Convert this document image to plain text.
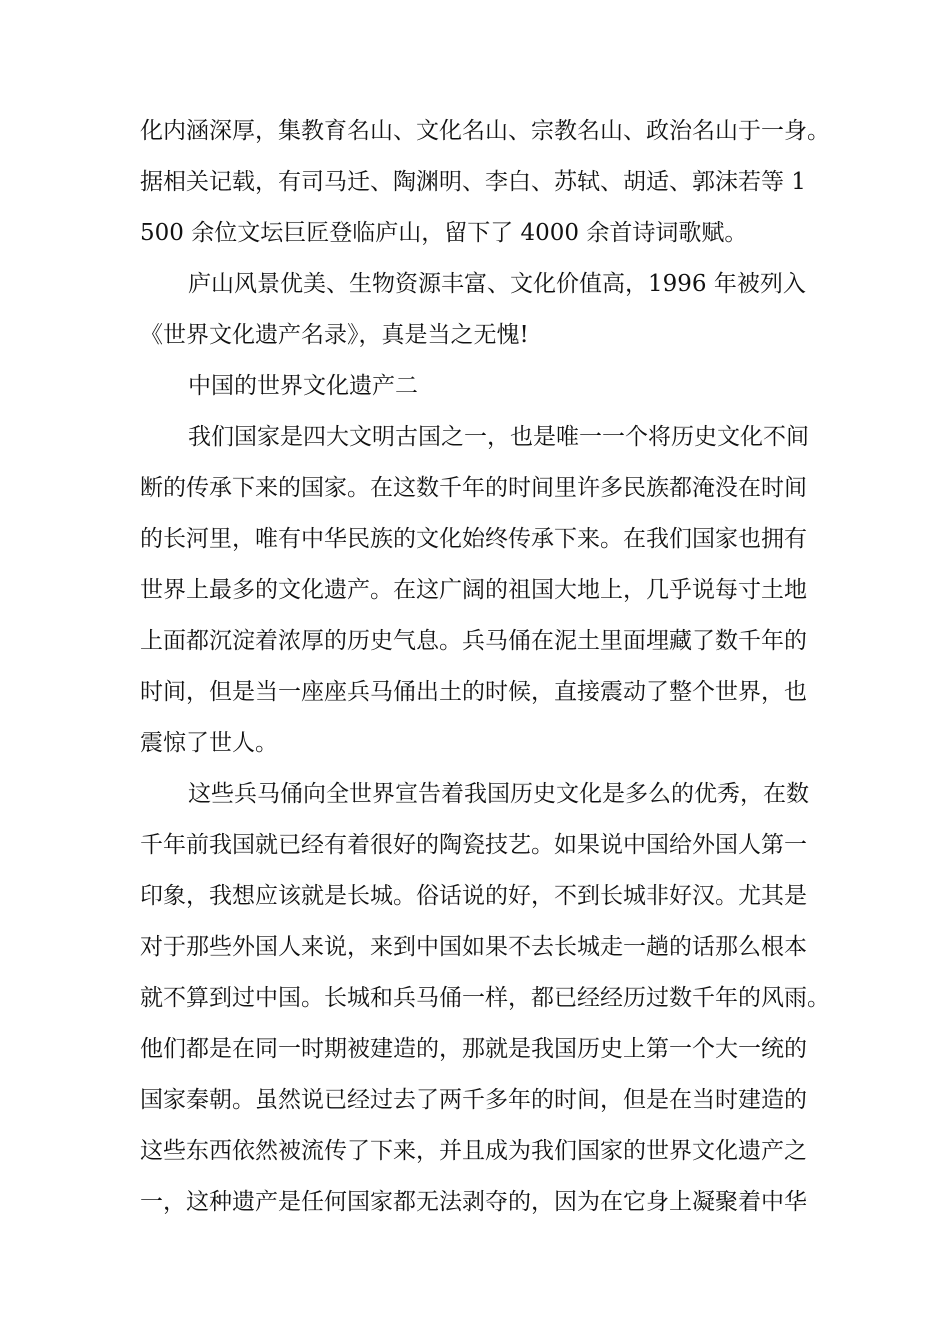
化内涵深厚，集教育名山、文化名山、宗教名山、政治名山于一身。
据相关记载，有司马迁、陶渊明、李白、苏轼、胡适、郭沫若等 1
500 余位文坛巨匠登临庐山，留下了 4000 余首诗词歌赋。
庐山风景优美、生物资源丰富、文化价值高，1996 年被列入
《世界文化遗产名录》，真是当之无愧!
中国的世界文化遗产二
我们国家是四大文明古国之一，也是唯一一个将历史文化不间
断的传承下来的国家。在这数千年的时间里许多民族都淹没在时间
的长河里，唯有中华民族的文化始终传承下来。在我们国家也拥有
世界上最多的文化遗产。在这广阔的祖国大地上，几乎说每寸土地
上面都沉淀着浓厚的历史气息。兵马俑在泥土里面埋藏了数千年的
时间，但是当一座座兵马俑出土的时候，直接震动了整个世界，也
震惊了世人。
这些兵马俑向全世界宣告着我国历史文化是多么的优秀，在数
千年前我国就已经有着很好的陶瓷技艺。如果说中国给外国人第一
印象，我想应该就是长城。俗话说的好，不到长城非好汉。尤其是
对于那些外国人来说，来到中国如果不去长城走一趟的话那么根本
就不算到过中国。长城和兵马俑一样，都已经经历过数千年的风雨。
他们都是在同一时期被建造的，那就是我国历史上第一个大一统的
国家秦朝。虽然说已经过去了两千多年的时间，但是在当时建造的
这些东西依然被流传了下来，并且成为我们国家的世界文化遗产之
一，这种遗产是任何国家都无法剥夺的，因为在它身上凝聚着中华
